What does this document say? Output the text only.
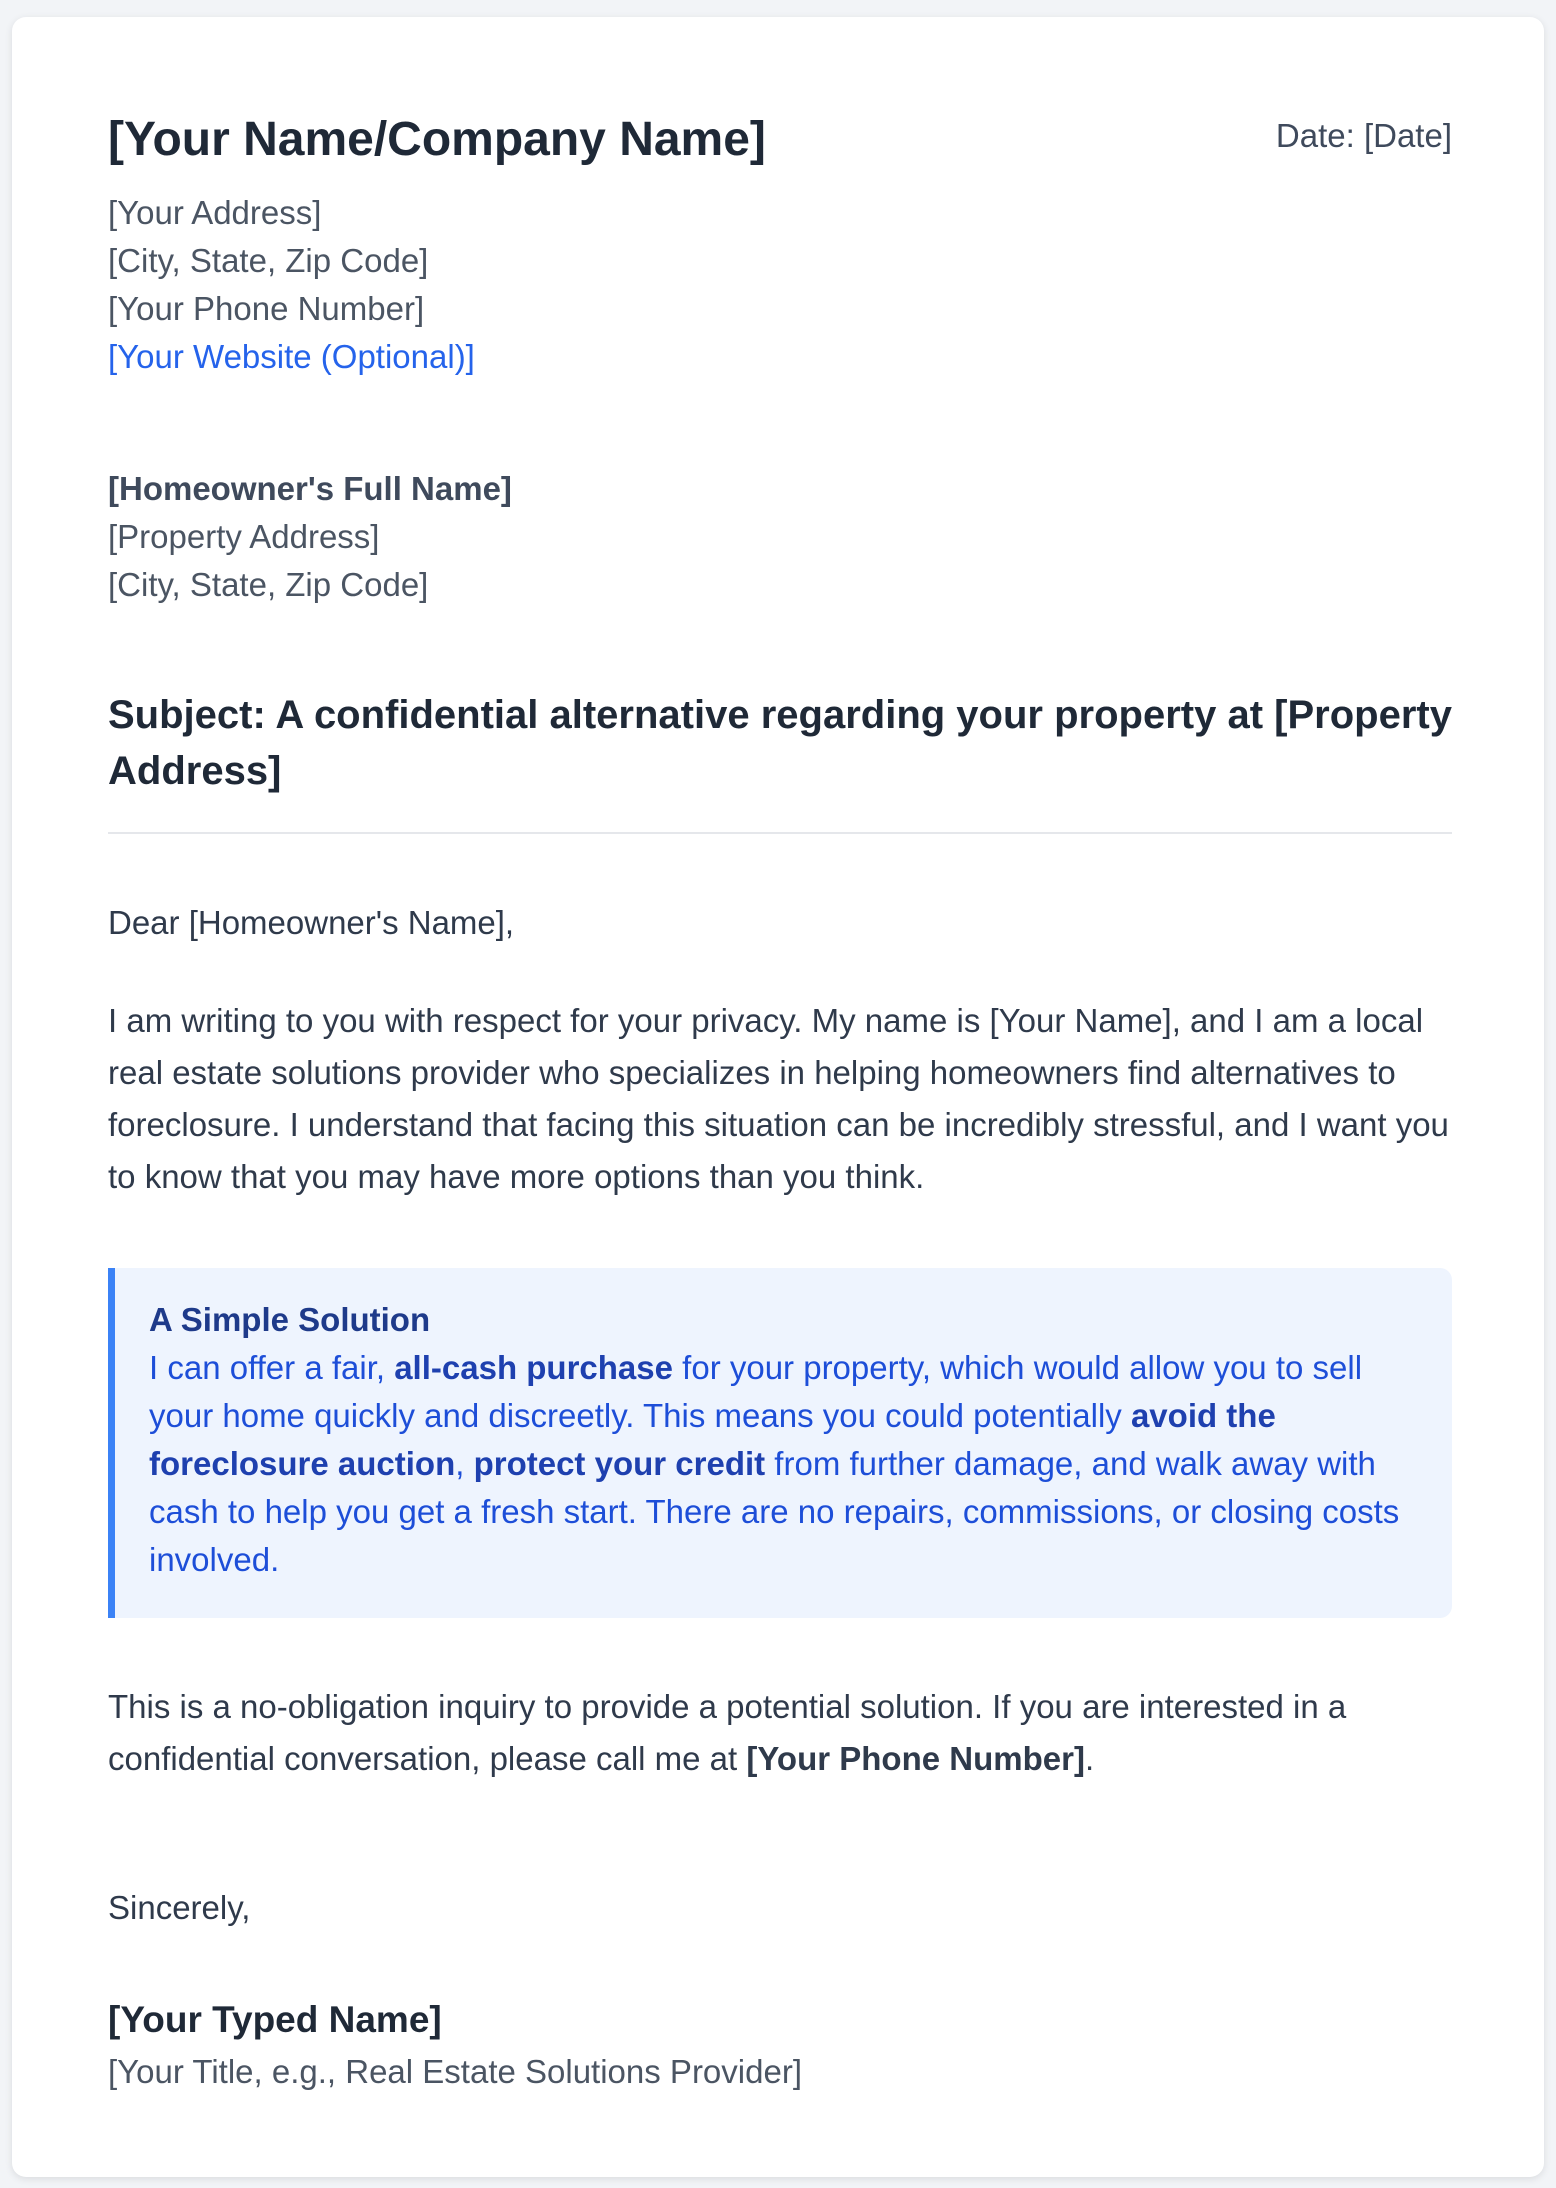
[Your Name/Company Name]	Date: [Date]
[Your Address]
[City, State, Zip Code]
[Your Phone Number]
[Your Website (Optional)]
[Homeowner's Full Name]
[Property Address]
[City, State, Zip Code]
Subject: A confidential alternative regarding your property at [Property Address]

Dear [Homeowner's Name],

I am writing to you with respect for your privacy. My name is [Your Name], and I am a local real estate solutions provider who specializes in helping homeowners find alternatives to foreclosure. I understand that facing this situation can be incredibly stressful, and I want you to know that you may have more options than you think.

A Simple Solution

I can offer a fair, all-cash purchase for your property, which would allow you to sell your home quickly and discreetly. This means you could potentially avoid the foreclosure auction, protect your credit from further damage, and walk away with cash to help you get a fresh start. There are no repairs, commissions, or closing costs involved.

This is a no-obligation inquiry to provide a potential solution. If you are interested in a confidential conversation, please call me at [Your Phone Number].

Sincerely,

[Your Typed Name]
[Your Title, e.g., Real Estate Solutions Provider]
